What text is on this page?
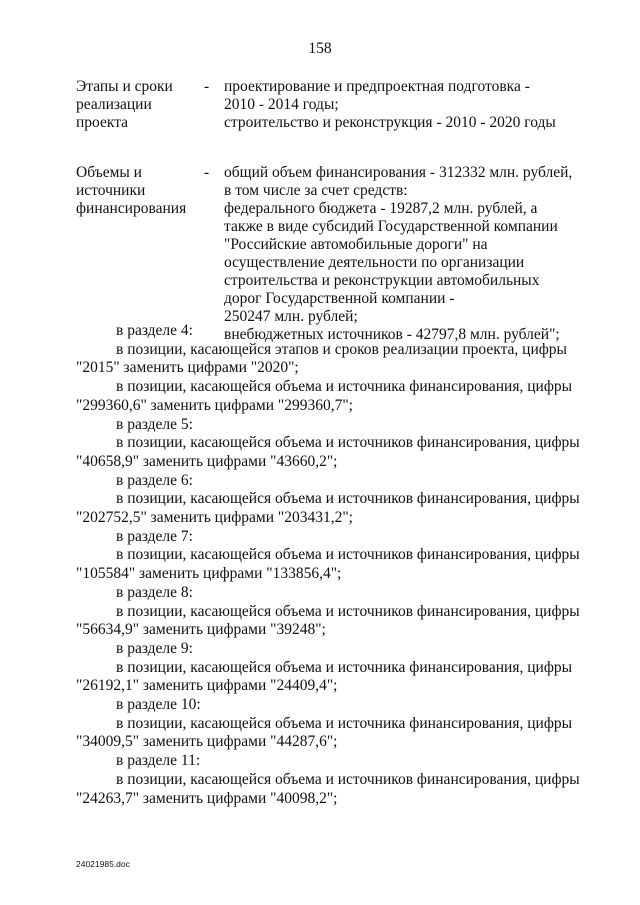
158
Этапы и сроки
реализации
проекта
- проектирование и предпроектная подготовка -
2010 - 2014 годы;
строительство и реконструкция - 2010 - 2020 годы
Объемы и
источники
финансирования
- общий объем финансирования - 312332 млн. рублей,
в том числе за счет средств:
федерального бюджета - 19287,2 млн. рублей, а
также в виде субсидий Государственной компании
"Российские автомобильные дороги" на
осуществление деятельности по организации
строительства и реконструкции автомобильных
дорог Государственной компании -
250247 млн. рублей;
внебюджетных источников - 42797,8 млн. рублей";
в разделе 4:
в позиции, касающейся этапов и сроков реализации проекта, цифры
"2015" заменить цифрами "2020";
в позиции, касающейся объема и источника финансирования, цифры
"299360,6" заменить цифрами "299360,7";
в разделе 5:
в позиции, касающейся объема и источников финансирования, цифры
"40658,9" заменить цифрами "43660,2";
в разделе 6:
в позиции, касающейся объема и источников финансирования, цифры
"202752,5" заменить цифрами "203431,2";
в разделе 7:
в позиции, касающейся объема и источников финансирования, цифры
"105584" заменить цифрами "133856,4";
в разделе 8:
в позиции, касающейся объема и источников финансирования, цифры
"56634,9" заменить цифрами "39248";
в разделе 9:
в позиции, касающейся объема и источника финансирования, цифры
"26192,1" заменить цифрами "24409,4";
в разделе 10:
в позиции, касающейся объема и источника финансирования, цифры
"34009,5" заменить цифрами "44287,6";
в разделе 11:
в позиции, касающейся объема и источников финансирования, цифры
"24263,7" заменить цифрами "40098,2";
24021985.doc
